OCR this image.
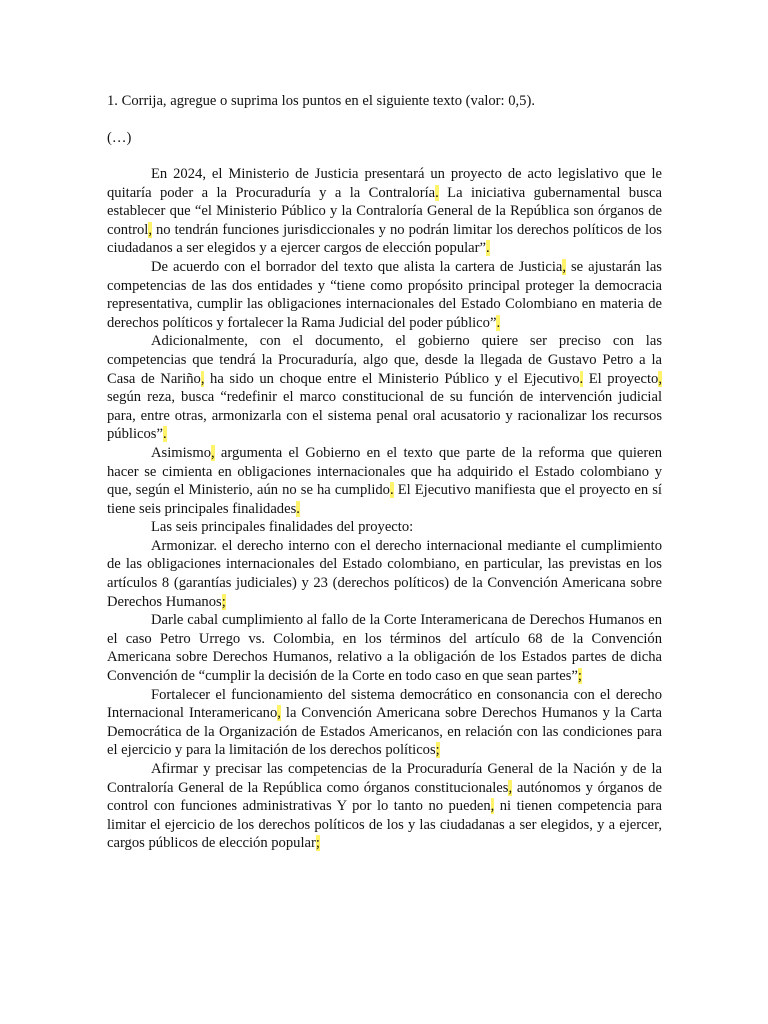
1. Corrija, agregue o suprima los puntos en el siguiente texto (valor: 0,5).

(…)

En 2024, el Ministerio de Justicia presentará un proyecto de acto legislativo que le quitaría poder a la Procuraduría y a la Contraloría. La iniciativa gubernamental busca establecer que “el Ministerio Público y la Contraloría General de la República son órganos de control, no tendrán funciones jurisdiccionales y no podrán limitar los derechos políticos de los ciudadanos a ser elegidos y a ejercer cargos de elección popular”.

De acuerdo con el borrador del texto que alista la cartera de Justicia, se ajustarán las competencias de las dos entidades y “tiene como propósito principal proteger la democracia representativa, cumplir las obligaciones internacionales del Estado Colombiano en materia de derechos políticos y fortalecer la Rama Judicial del poder público”.

Adicionalmente, con el documento, el gobierno quiere ser preciso con las competencias que tendrá la Procuraduría, algo que, desde la llegada de Gustavo Petro a la Casa de Nariño, ha sido un choque entre el Ministerio Público y el Ejecutivo. El proyecto, según reza, busca “redefinir el marco constitucional de su función de intervención judicial para, entre otras, armonizarla con el sistema penal oral acusatorio y racionalizar los recursos públicos”.

Asimismo, argumenta el Gobierno en el texto que parte de la reforma que quieren hacer se cimienta en obligaciones internacionales que ha adquirido el Estado colombiano y que, según el Ministerio, aún no se ha cumplido. El Ejecutivo manifiesta que el proyecto en sí tiene seis principales finalidades.

Las seis principales finalidades del proyecto:

Armonizar. el derecho interno con el derecho internacional mediante el cumplimiento de las obligaciones internacionales del Estado colombiano, en particular, las previstas en los artículos 8 (garantías judiciales) y 23 (derechos políticos) de la Convención Americana sobre Derechos Humanos;

Darle cabal cumplimiento al fallo de la Corte Interamericana de Derechos Humanos en el caso Petro Urrego vs. Colombia, en los términos del artículo 68 de la Convención Americana sobre Derechos Humanos, relativo a la obligación de los Estados partes de dicha Convención de “cumplir la decisión de la Corte en todo caso en que sean partes”;

Fortalecer el funcionamiento del sistema democrático en consonancia con el derecho Internacional Interamericano, la Convención Americana sobre Derechos Humanos y la Carta Democrática de la Organización de Estados Americanos, en relación con las condiciones para el ejercicio y para la limitación de los derechos políticos;

Afirmar y precisar las competencias de la Procuraduría General de la Nación y de la Contraloría General de la República como órganos constitucionales, autónomos y órganos de control con funciones administrativas Y por lo tanto no pueden, ni tienen competencia para limitar el ejercicio de los derechos políticos de los y las ciudadanas a ser elegidos, y a ejercer, cargos públicos de elección popular;
